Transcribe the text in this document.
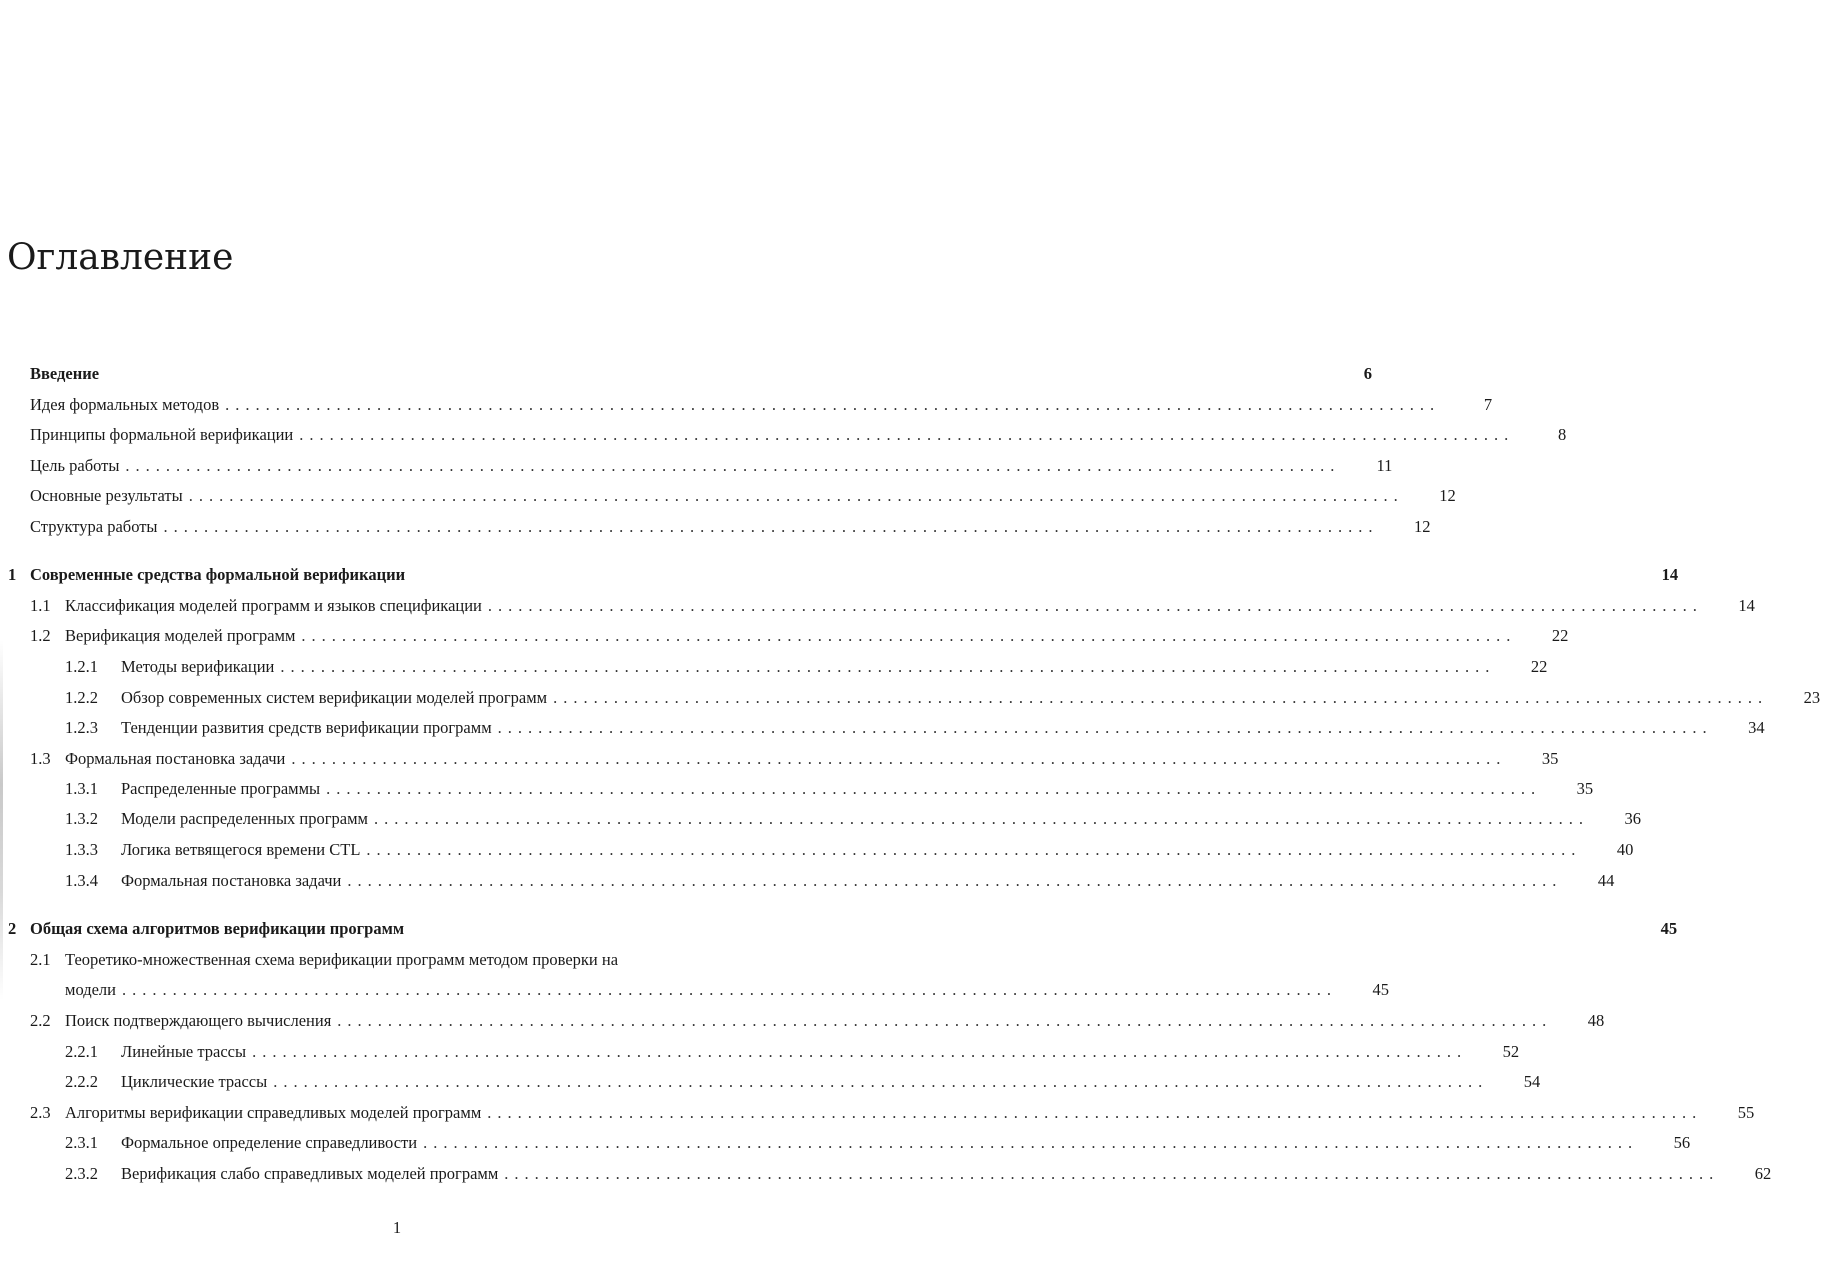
Оглавление
Введение	6
Идея формальных методов ........................................................................................................................	7
Принципы формальной верификации ........................................................................................................................	8
Цель работы ........................................................................................................................	11
Основные результаты ........................................................................................................................	12
Структура работы ........................................................................................................................	12
1 Современные средства формальной верификации	14
1.1 Классификация моделей программ и языков спецификации ........................................................................................................................	14
1.2 Верификация моделей программ ........................................................................................................................	22
1.2.1	Методы верификации ........................................................................................................................	22
1.2.2	Обзор современных систем верификации моделей программ ........................................................................................................................	23
1.2.3	Тенденции развития средств верификации программ ........................................................................................................................	34
1.3 Формальная постановка задачи ........................................................................................................................	35
1.3.1	Распределенные программы ........................................................................................................................	35
1.3.2	Модели распределенных программ ........................................................................................................................	36
1.3.3	Логика ветвящегося времени CTL ........................................................................................................................	40
1.3.4	Формальная постановка задачи ........................................................................................................................	44
2 Общая схема алгоритмов верификации программ	45
2.1 Теоретико-множественная схема верификации программ методом проверки на
модели ........................................................................................................................	45
2.2 Поиск подтверждающего вычисления ........................................................................................................................	48
2.2.1	Линейные трассы ........................................................................................................................	52
2.2.2	Циклические трассы ........................................................................................................................	54
2.3 Алгоритмы верификации справедливых моделей программ ........................................................................................................................	55
2.3.1	Формальное определение справедливости ........................................................................................................................	56
2.3.2	Верификация слабо справедливых моделей программ ........................................................................................................................	62
1
